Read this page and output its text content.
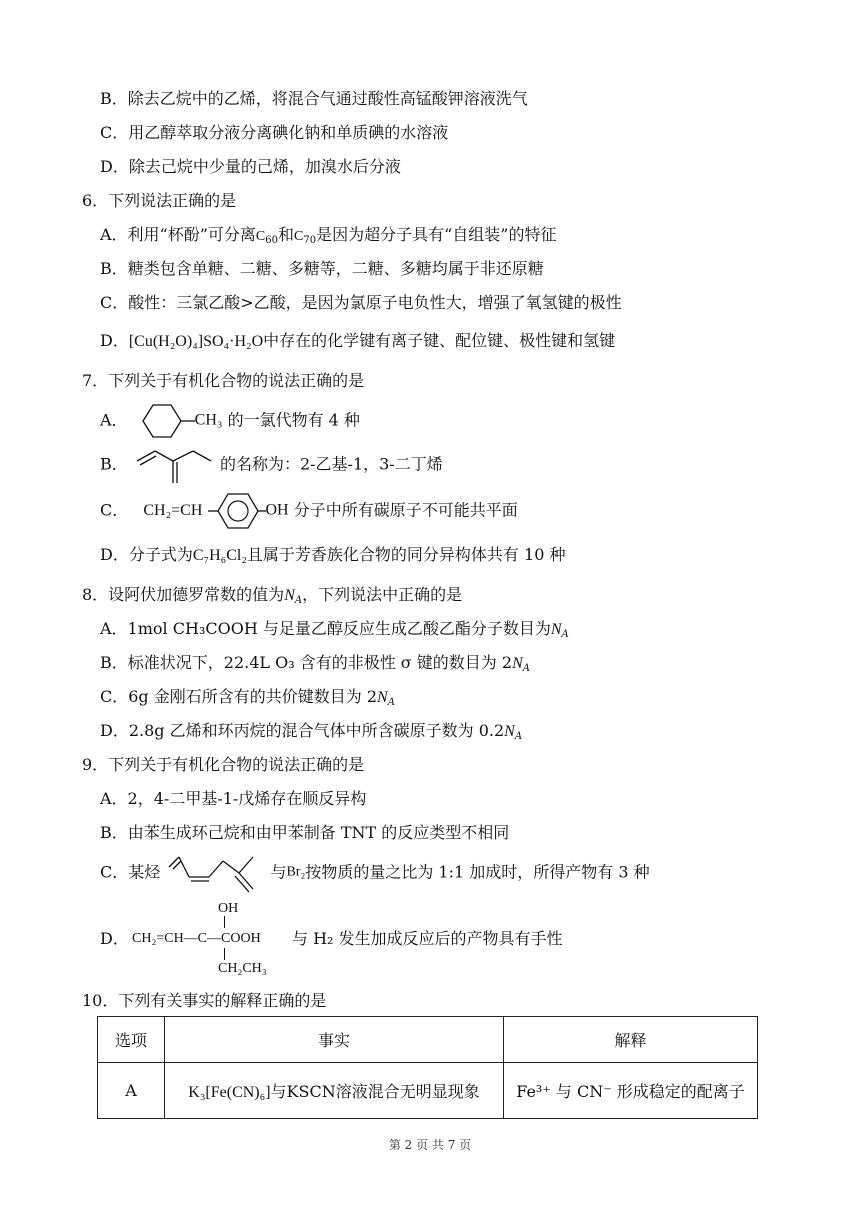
B．除去乙烷中的乙烯，将混合气通过酸性高锰酸钾溶液洗气
C．用乙醇萃取分液分离碘化钠和单质碘的水溶液
D．除去己烷中少量的己烯，加溴水后分液
6．下列说法正确的是
A．利用“杯酚”可分离$C_{60}$和$C_{70}$是因为超分子具有“自组装”的特征
B．糖类包含单糖、二糖、多糖等，二糖、多糖均属于非还原糖
C．酸性：三氯乙酸>乙酸，是因为氯原子电负性大，增强了氧氢键的极性
D．[Cu(H₂O)₄]SO₄·H₂O中存在的化学键有离子键、配位键、极性键和氢键
7．下列关于有机化合物的说法正确的是
A．	CH₃ 的一氯代物有 4 种
B．	的名称为：2-乙基-1，3-二丁烯
C． CH₂=CH	OH 分子中所有碳原子不可能共平面
D．分子式为C₇H₆Cl₂且属于芳香族化合物的同分异构体共有 10 种
8．设阿伏加德罗常数的值为$N_A$，下列说法中正确的是
A．1mol CH₃COOH 与足量乙醇反应生成乙酸乙酯分子数目为$N_A$
B．标准状况下，22.4L O₃ 含有的非极性 σ 键的数目为 $2N_A$
C．6g 金刚石所含有的共价键数目为 $2N_A$
D．2.8g 乙烯和环丙烷的混合气体中所含碳原子数为 $0.2N_A$
9．下列关于有机化合物的说法正确的是
A．2，4-二甲基-1-戊烯存在顺反异构
B．由苯生成环己烷和由甲苯制备 TNT 的反应类型不相同
C．某烃	与Br₂按物质的量之比为 1:1 加成时，所得产物有 3 种
D．
OH
CH₂=CH—C—COOH
CH₂CH₃
与 H₂ 发生加成反应后的产物具有手性
10．下列有关事实的解释正确的是
选项	事实	解释
A	K₃[Fe(CN)₆]与KSCN溶液混合无明显现象	Fe³⁺ 与 CN⁻ 形成稳定的配离子
第 2 页 共 7 页
